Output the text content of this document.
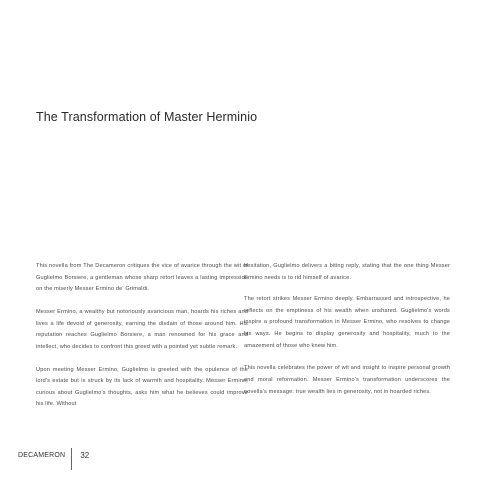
The Transformation of Master Herminio

This novella from The Decameron critiques the vice of avarice through the wit of Guglielmo Borsiere, a gentleman whose sharp retort leaves a lasting impression on the miserly Messer Ermino de' Grimaldi.

Messer Ermino, a wealthy but notoriously avaricious man, hoards his riches and lives a life devoid of generosity, earning the disdain of those around him. His reputation reaches Guglielmo Borsiere, a man renowned for his grace and intellect, who decides to confront this greed with a pointed yet subtle remark.

Upon meeting Messer Ermino, Guglielmo is greeted with the opulence of the lord's estate but is struck by its lack of warmth and hospitality. Messer Ermino, curious about Guglielmo's thoughts, asks him what he believes could improve his life. Without

hesitation, Guglielmo delivers a biting reply, stating that the one thing Messer Ermino needs is to rid himself of avarice.

The retort strikes Messer Ermino deeply. Embarrassed and introspective, he reflects on the emptiness of his wealth when unshared. Guglielmo's words inspire a profound transformation in Messer Ermino, who resolves to change his ways. He begins to display generosity and hospitality, much to the amazement of those who knew him.

This novella celebrates the power of wit and insight to inspire personal growth and moral reformation. Messer Ermino's transformation underscores the novella's message: true wealth lies in generosity, not in hoarded riches.

DECAMERON 32
